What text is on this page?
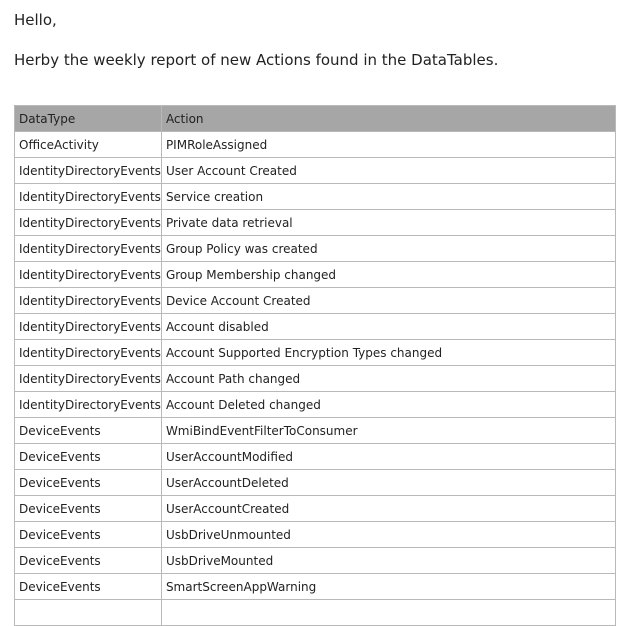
Hello,
Herby the weekly report of new Actions found in the DataTables.
DataType	Action
OfficeActivity	PIMRoleAssigned
IdentityDirectoryEvents	User Account Created
IdentityDirectoryEvents	Service creation
IdentityDirectoryEvents	Private data retrieval
IdentityDirectoryEvents	Group Policy was created
IdentityDirectoryEvents	Group Membership changed
IdentityDirectoryEvents	Device Account Created
IdentityDirectoryEvents	Account disabled
IdentityDirectoryEvents	Account Supported Encryption Types changed
IdentityDirectoryEvents	Account Path changed
IdentityDirectoryEvents	Account Deleted changed
DeviceEvents	WmiBindEventFilterToConsumer
DeviceEvents	UserAccountModified
DeviceEvents	UserAccountDeleted
DeviceEvents	UserAccountCreated
DeviceEvents	UsbDriveUnmounted
DeviceEvents	UsbDriveMounted
DeviceEvents	SmartScreenAppWarning
